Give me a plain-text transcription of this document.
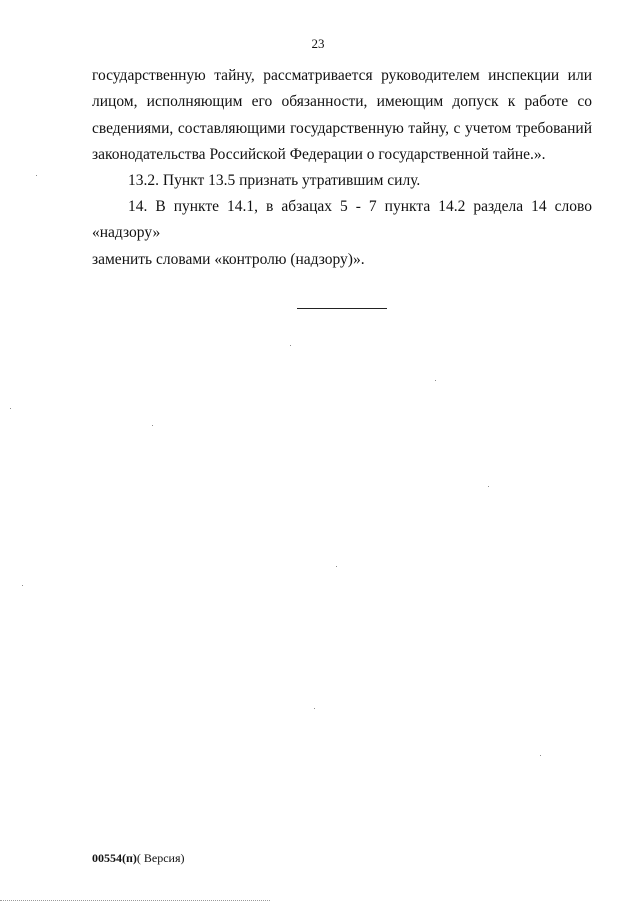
23

государственную тайну, рассматривается руководителем инспекции или

лицом, исполняющим его обязанности, имеющим допуск к работе со

сведениями, составляющими государственную тайну, с учетом требований

законодательства Российской Федерации о государственной тайне.».

13.2. Пункт 13.5 признать утратившим силу.

14. В пункте 14.1, в абзацах 5 - 7 пункта 14.2 раздела 14 слово «надзору»

заменить словами «контролю (надзору)».

00554(п)( Версия)
